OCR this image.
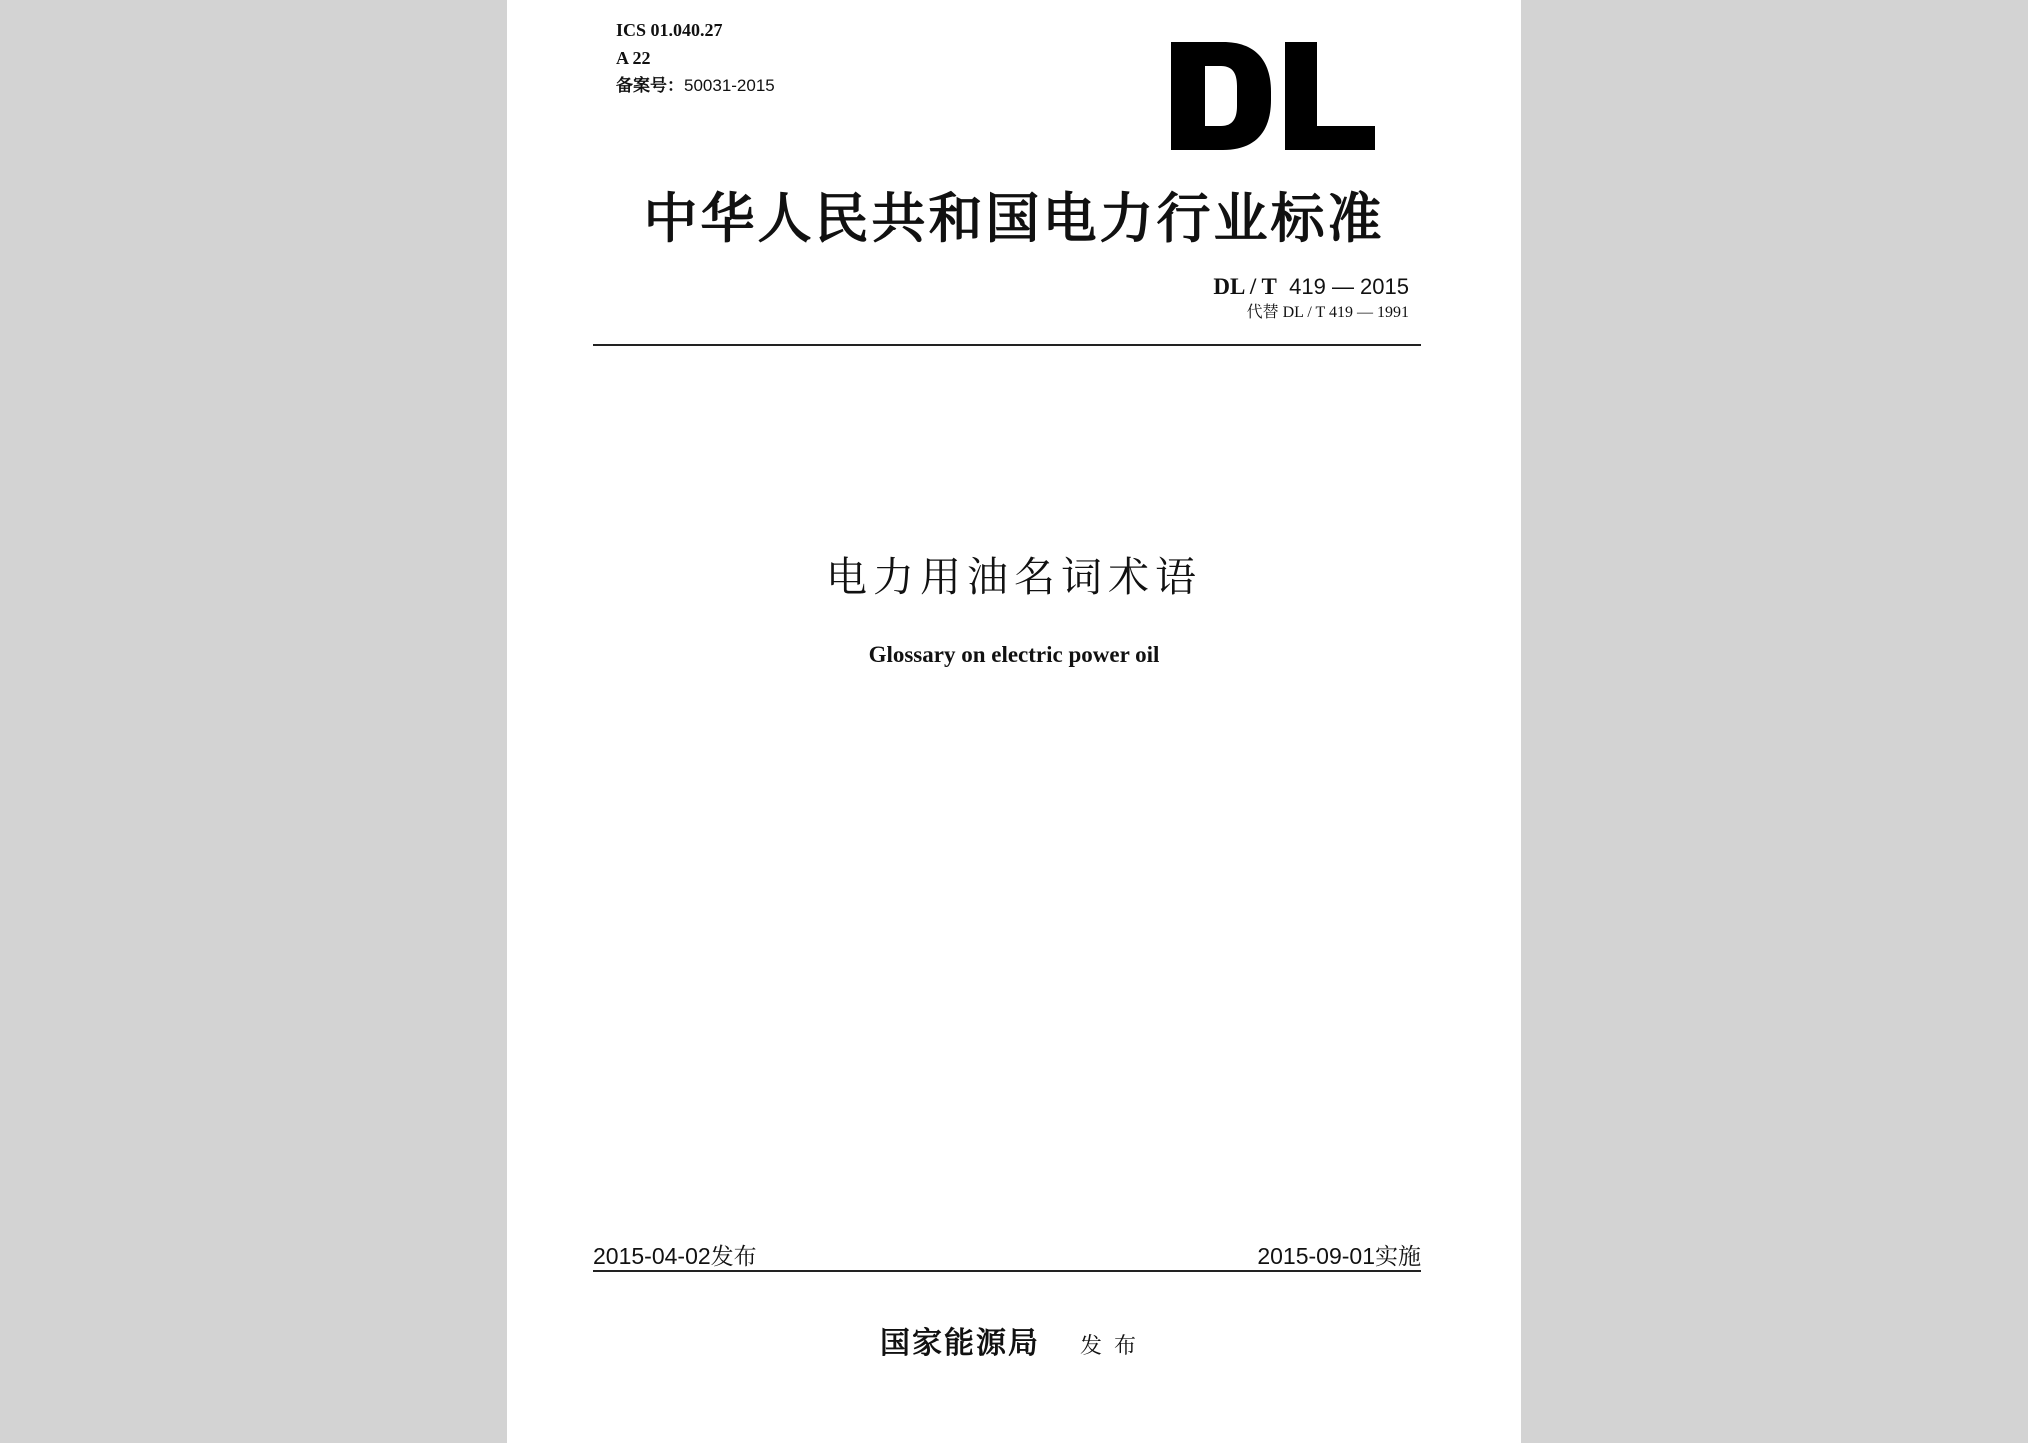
ICS 01.040.27
A 22
备案号：50031-2015
中华人民共和国电力行业标准
DL / T 419 — 2015
代替 DL / T 419 — 1991
电力用油名词术语
Glossary on electric power oil
2015-04-02发布	2015-09-01实施
国家能源局 发布
